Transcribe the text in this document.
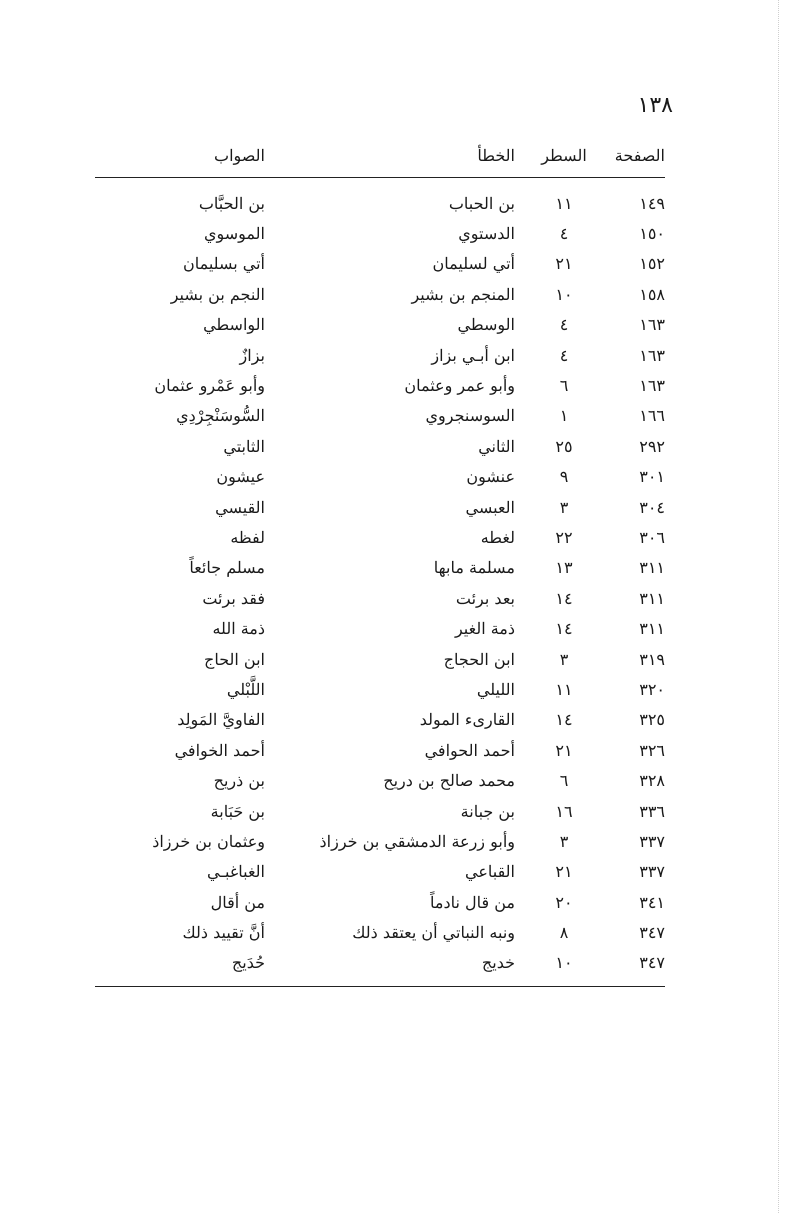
١٣٨
الصفحة
السطر
الخطأ
الصواب
١٤٩
١١
بن الحباب
بن الحبَّاب
١٥٠
٤
الدستوي
الموسوي
١٥٢
٢١
أتي لسليمان
أتي بسليمان
١٥٨
١٠
المنجم بن بشير
النجم بن بشير
١٦٣
٤
الوسطي
الواسطي
١٦٣
٤
ابن أبـي بزاز
بزازٌ
١٦٣
٦
وأبو عمر وعثمان
وأبو عَمْرو عثمان
١٦٦
١
السوسنجروي
السُّوسَنْجِرْدِي
٢٩٢
٢٥
الثاني
الثابتي
٣٠١
٩
عنشون
عيشون
٣٠٤
٣
العبسي
القيسي
٣٠٦
٢٢
لغطه
لفظه
٣١١
١٣
مسلمة مابها
مسلم جائعاً
٣١١
١٤
بعد برئت
فقد برئت
٣١١
١٤
ذمة الغير
ذمة الله
٣١٩
٣
ابن الحجاج
ابن الحاج
٣٢٠
١١
الليلي
اللَّبْلي
٣٢٥
١٤
القارىء المولد
الفاويَّ المَولِد
٣٢٦
٢١
أحمد الحوافي
أحمد الخوافي
٣٢٨
٦
محمد صالح بن دريح
بن ذريح
٣٣٦
١٦
بن جبانة
بن حَبَابة
٣٣٧
٣
وأبو زرعة الدمشقي بن خرزاذ
وعثمان بن خرزاذ
٣٣٧
٢١
القباعي
الغباغبـي
٣٤١
٢٠
من قال نادماً
من أقال
٣٤٧
٨
ونبه النباتي أن يعتقد ذلك
أنَّ تقييد ذلك
٣٤٧
١٠
خديج
حُدَيج
